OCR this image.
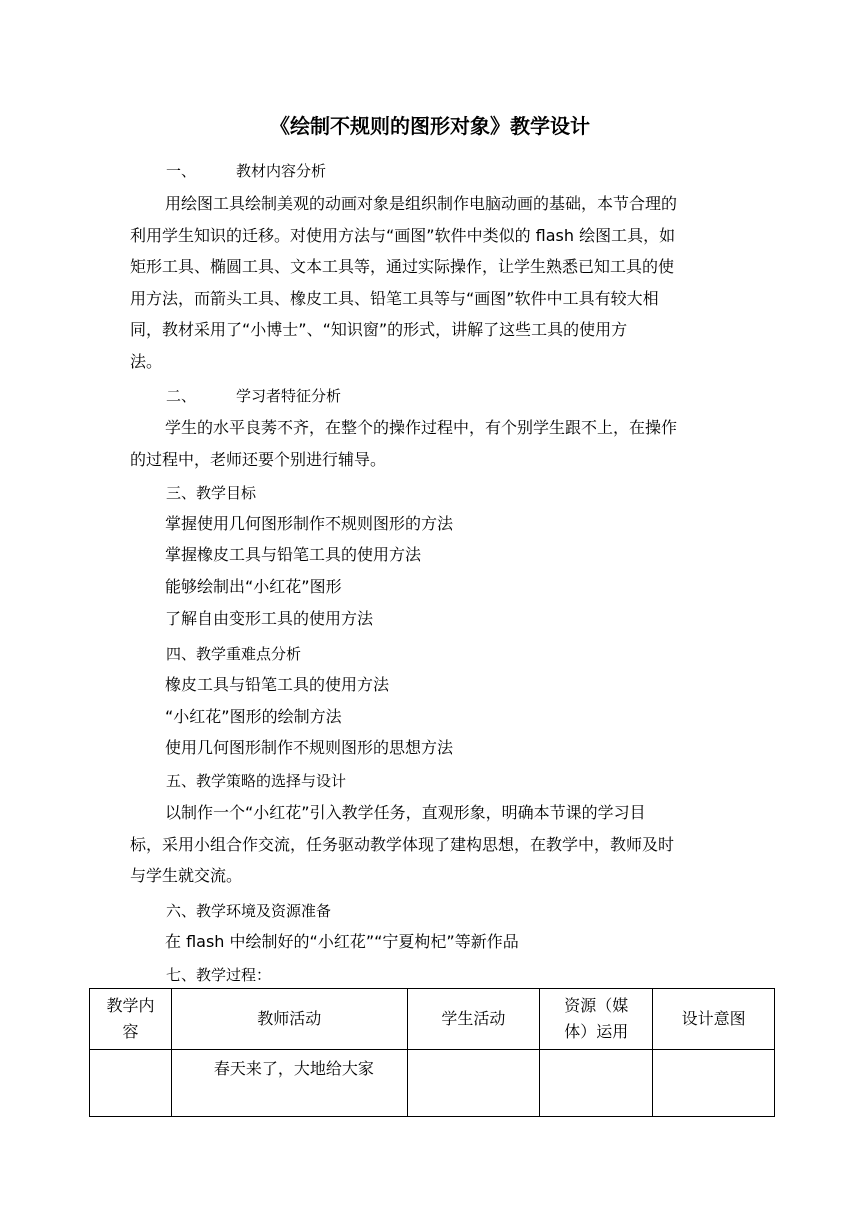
《绘制不规则的图形对象》教学设计
一、	教材内容分析
用绘图工具绘制美观的动画对象是组织制作电脑动画的基础，本节合理的
利用学生知识的迁移。对使用方法与“画图”软件中类似的 flash 绘图工具，如
矩形工具、椭圆工具、文本工具等，通过实际操作，让学生熟悉已知工具的使
用方法，而箭头工具、橡皮工具、铅笔工具等与“画图”软件中工具有较大相
同，教材采用了“小博士”、“知识窗”的形式，讲解了这些工具的使用方
法。
二、	学习者特征分析
学生的水平良莠不齐，在整个的操作过程中，有个别学生跟不上，在操作
的过程中，老师还要个别进行辅导。
三、教学目标
掌握使用几何图形制作不规则图形的方法
掌握橡皮工具与铅笔工具的使用方法
能够绘制出“小红花”图形
了解自由变形工具的使用方法
四、教学重难点分析
橡皮工具与铅笔工具的使用方法
“小红花”图形的绘制方法
使用几何图形制作不规则图形的思想方法
五、教学策略的选择与设计
以制作一个“小红花”引入教学任务，直观形象，明确本节课的学习目
标，采用小组合作交流，任务驱动教学体现了建构思想，在教学中，教师及时
与学生就交流。
六、教学环境及资源准备
在 flash 中绘制好的“小红花”“宁夏枸杞”等新作品
七、教学过程：
教学内容	教师活动	学生活动	资源（媒体）运用	设计意图
	春天来了，大地给大家			
